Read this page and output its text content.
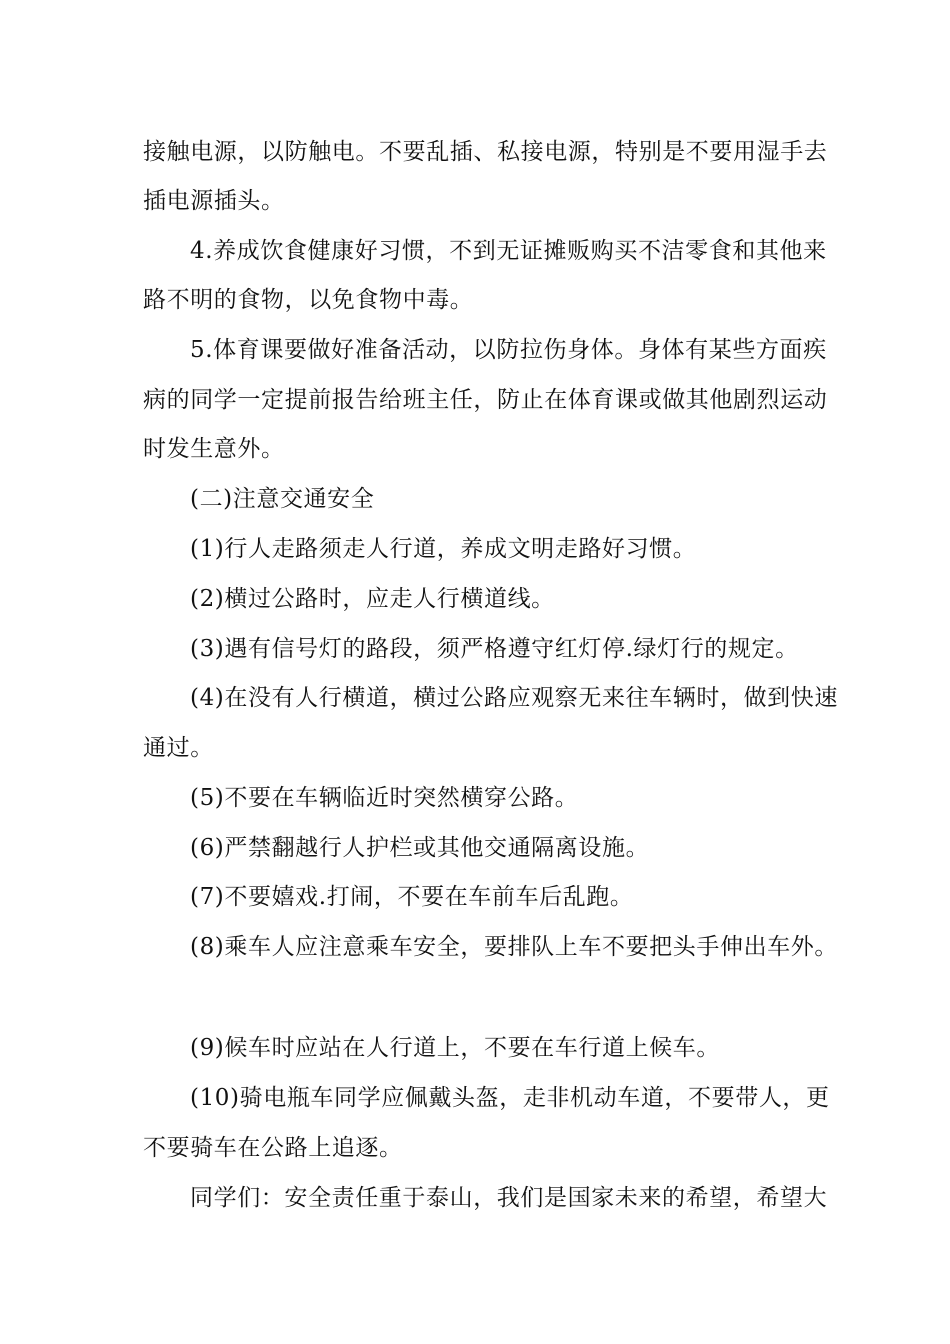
接触电源，以防触电。不要乱插、私接电源，特别是不要用湿手去
插电源插头。
4.养成饮食健康好习惯，不到无证摊贩购买不洁零食和其他来
路不明的食物，以免食物中毒。
5.体育课要做好准备活动，以防拉伤身体。身体有某些方面疾
病的同学一定提前报告给班主任，防止在体育课或做其他剧烈运动
时发生意外。
(二)注意交通安全
(1)行人走路须走人行道，养成文明走路好习惯。
(2)横过公路时，应走人行横道线。
(3)遇有信号灯的路段，须严格遵守红灯停.绿灯行的规定。
(4)在没有人行横道，横过公路应观察无来往车辆时，做到快速
通过。
(5)不要在车辆临近时突然横穿公路。
(6)严禁翻越行人护栏或其他交通隔离设施。
(7)不要嬉戏.打闹，不要在车前车后乱跑。
(8)乘车人应注意乘车安全，要排队上车不要把头手伸出车外。
(9)候车时应站在人行道上，不要在车行道上候车。
(10)骑电瓶车同学应佩戴头盔，走非机动车道，不要带人，更
不要骑车在公路上追逐。
同学们：安全责任重于泰山，我们是国家未来的希望，希望大
